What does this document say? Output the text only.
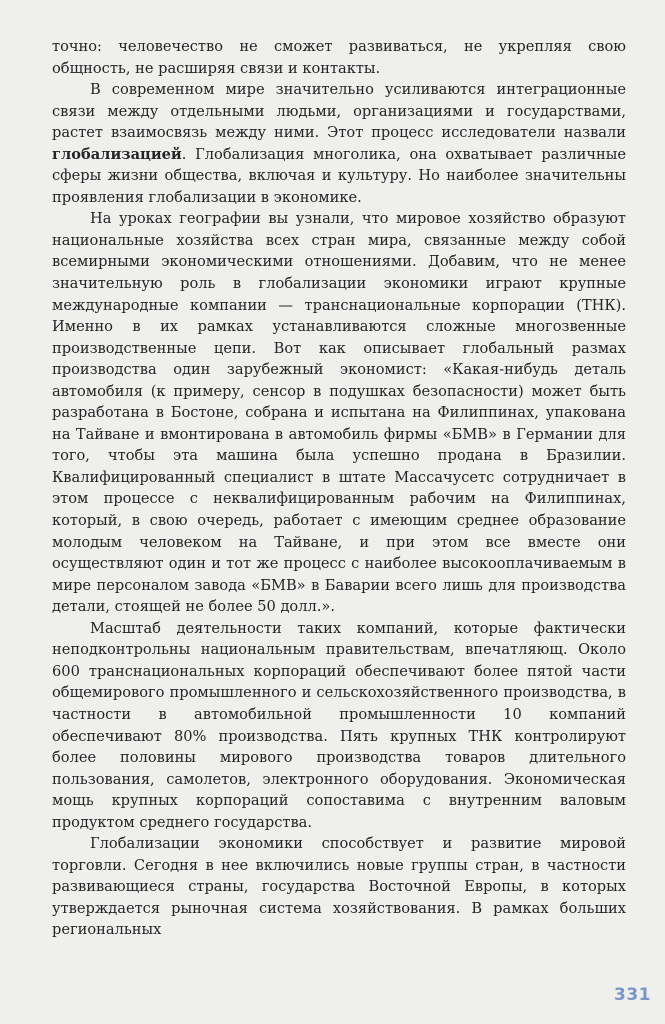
точно: человечество не сможет развиваться, не укрепляя свою общность, не расширяя связи и контакты.

В современном мире значительно усиливаются интеграционные связи между отдельными людьми, организациями и государствами, растет взаимосвязь между ними. Этот процесс исследователи назвали глобализацией. Глобализация многолика, она охватывает различные сферы жизни общества, включая и культуру. Но наиболее значительны проявления глобализации в экономике.

На уроках географии вы узнали, что мировое хозяйство образуют национальные хозяйства всех стран мира, связанные между собой всемирными экономическими отношениями. Добавим, что не менее значительную роль в глобализации экономики играют крупные международные компании — транснациональные корпорации (ТНК). Именно в их рамках устанавливаются сложные многозвенные производственные цепи. Вот как описывает глобальный размах производства один зарубежный экономист: «Какая-нибудь деталь автомобиля (к примеру, сенсор в подушках безопасности) может быть разработана в Бостоне, собрана и испытана на Филиппинах, упакована на Тайване и вмонтирована в автомобиль фирмы «БМВ» в Германии для того, чтобы эта машина была успешно продана в Бразилии. Квалифицированный специалист в штате Массачусетс сотрудничает в этом процессе с неквалифицированным рабочим на Филиппинах, который, в свою очередь, работает с имеющим среднее образование молодым человеком на Тайване, и при этом все вместе они осуществляют один и тот же процесс с наиболее высокооплачиваемым в мире персоналом завода «БМВ» в Баварии всего лишь для производства детали, стоящей не более 50 долл.».

Масштаб деятельности таких компаний, которые фактически неподконтрольны национальным правительствам, впечатляющ. Около 600 транснациональных корпораций обеспечивают более пятой части общемирового промышленного и сельскохозяйственного производства, в частности в автомобильной промышленности 10 компаний обеспечивают 80% производства. Пять крупных ТНК контролируют более половины мирового производства товаров длительного пользования, самолетов, электронного оборудования. Экономическая мощь крупных корпораций сопоставима с внутренним валовым продуктом среднего государства.

Глобализации экономики способствует и развитие мировой торговли. Сегодня в нее включились новые группы стран, в частности развивающиеся страны, государства Восточной Европы, в которых утверждается рыночная система хозяйствования. В рамках больших региональных

331
